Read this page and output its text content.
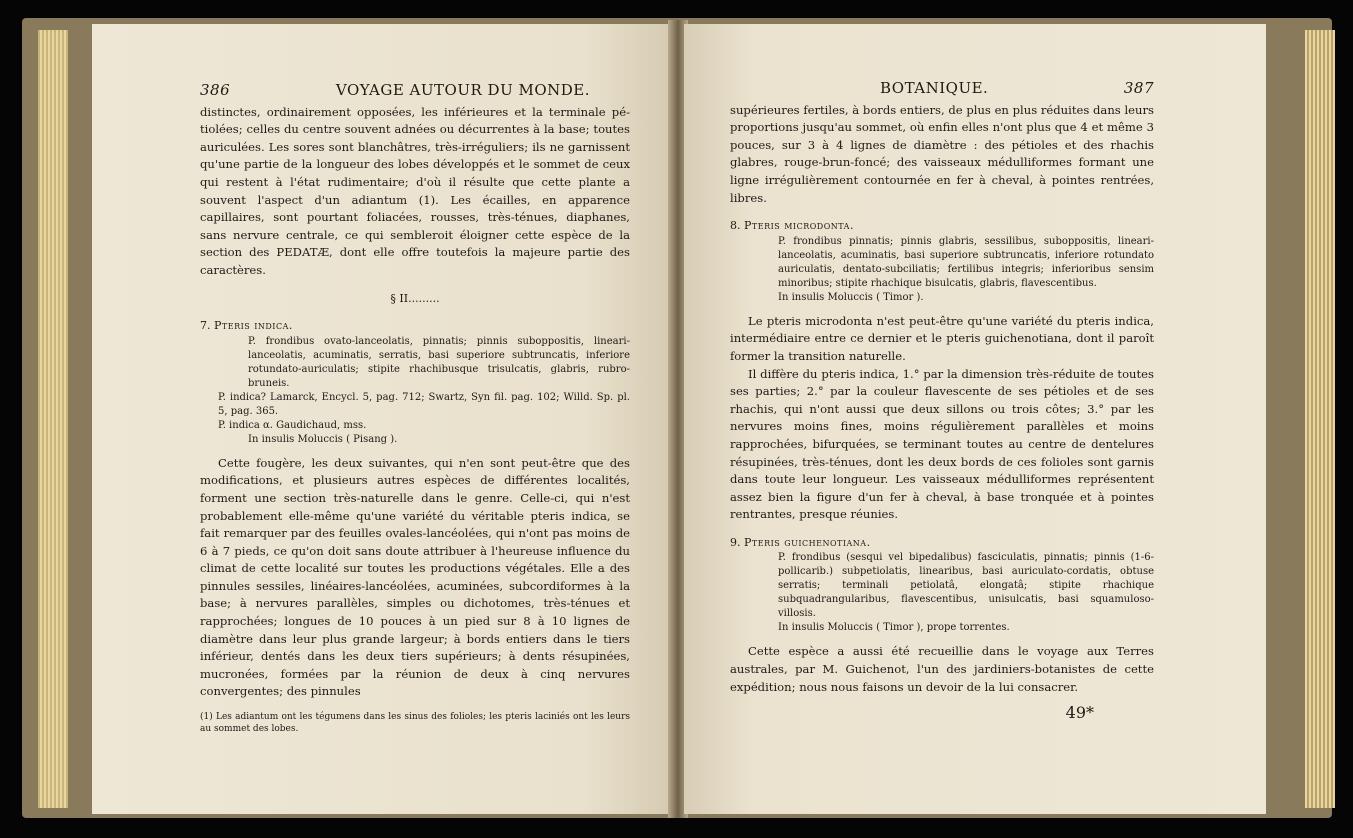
386	VOYAGE AUTOUR DU MONDE.

distinctes, ordinairement opposées, les inférieures et la terminale pé-tiolées; celles du centre souvent adnées ou décurrentes à la base; toutes auriculées. Les sores sont blanchâtres, très-irréguliers; ils ne garnissent qu'une partie de la longueur des lobes développés et le sommet de ceux qui restent à l'état rudimentaire; d'où il résulte que cette plante a souvent l'aspect d'un adiantum (1). Les écailles, en apparence capillaires, sont pourtant foliacées, rousses, très-ténues, diaphanes, sans nervure centrale, ce qui sembleroit éloigner cette espèce de la section des PEDATÆ, dont elle offre toutefois la majeure partie des caractères.

§ II.........
7. Pteris indica.

P. frondibus ovato-lanceolatis, pinnatis; pinnis suboppositis, lineari-lanceolatis, acuminatis, serratis, basi superiore subtruncatis, inferiore rotundato-auriculatis; stipite rhachibusque trisulcatis, glabris, rubro-bruneis.

P. indica? Lamarck, Encycl. 5, pag. 712; Swartz, Syn fil. pag. 102; Willd. Sp. pl. 5, pag. 365.

P. indica α. Gaudichaud, mss.

In insulis Moluccis ( Pisang ).

Cette fougère, les deux suivantes, qui n'en sont peut-être que des modifications, et plusieurs autres espèces de différentes localités, forment une section très-naturelle dans le genre. Celle-ci, qui n'est probablement elle-même qu'une variété du véritable pteris indica, se fait remarquer par des feuilles ovales-lancéolées, qui n'ont pas moins de 6 à 7 pieds, ce qu'on doit sans doute attribuer à l'heureuse influence du climat de cette localité sur toutes les productions végétales. Elle a des pinnules sessiles, linéaires-lancéolées, acuminées, subcordiformes à la base; à nervures parallèles, simples ou dichotomes, très-ténues et rapprochées; longues de 10 pouces à un pied sur 8 à 10 lignes de diamètre dans leur plus grande largeur; à bords entiers dans le tiers inférieur, dentés dans les deux tiers supérieurs; à dents résupinées, mucronées, formées par la réunion de deux à cinq nervures convergentes; des pinnules

(1) Les adiantum ont les tégumens dans les sinus des folioles; les pteris laciniés ont les leurs au sommet des lobes.

BOTANIQUE.	387

supérieures fertiles, à bords entiers, de plus en plus réduites dans leurs proportions jusqu'au sommet, où enfin elles n'ont plus que 4 et même 3 pouces, sur 3 à 4 lignes de diamètre : des pétioles et des rhachis glabres, rouge-brun-foncé; des vaisseaux médulliformes formant une ligne irrégulièrement contournée en fer à cheval, à pointes rentrées, libres.

8. Pteris microdonta.

P. frondibus pinnatis; pinnis glabris, sessilibus, suboppositis, lineari-lanceolatis, acuminatis, basi superiore subtruncatis, inferiore rotundato auriculatis, dentato-subciliatis; fertilibus integris; inferioribus sensim minoribus; stipite rhachique bisulcatis, glabris, flavescentibus.

In insulis Moluccis ( Timor ).

Le pteris microdonta n'est peut-être qu'une variété du pteris indica, intermédiaire entre ce dernier et le pteris guichenotiana, dont il paroît former la transition naturelle.

Il diffère du pteris indica, 1.° par la dimension très-réduite de toutes ses parties; 2.° par la couleur flavescente de ses pétioles et de ses rhachis, qui n'ont aussi que deux sillons ou trois côtes; 3.° par les nervures moins fines, moins régulièrement parallèles et moins rapprochées, bifurquées, se terminant toutes au centre de dentelures résupinées, très-ténues, dont les deux bords de ces folioles sont garnis dans toute leur longueur. Les vaisseaux médulliformes représentent assez bien la figure d'un fer à cheval, à base tronquée et à pointes rentrantes, presque réunies.

9. Pteris guichenotiana.

P. frondibus (sesqui vel bipedalibus) fasciculatis, pinnatis; pinnis (1-6-pollicarib.) subpetiolatis, linearibus, basi auriculato-cordatis, obtuse serratis; terminali petiolatâ, elongatâ; stipite rhachique subquadrangularibus, flavescentibus, unisulcatis, basi squamuloso-villosis.

In insulis Moluccis ( Timor ), prope torrentes.

Cette espèce a aussi été recueillie dans le voyage aux Terres australes, par M. Guichenot, l'un des jardiniers-botanistes de cette expédition; nous nous faisons un devoir de la lui consacrer.

49*
